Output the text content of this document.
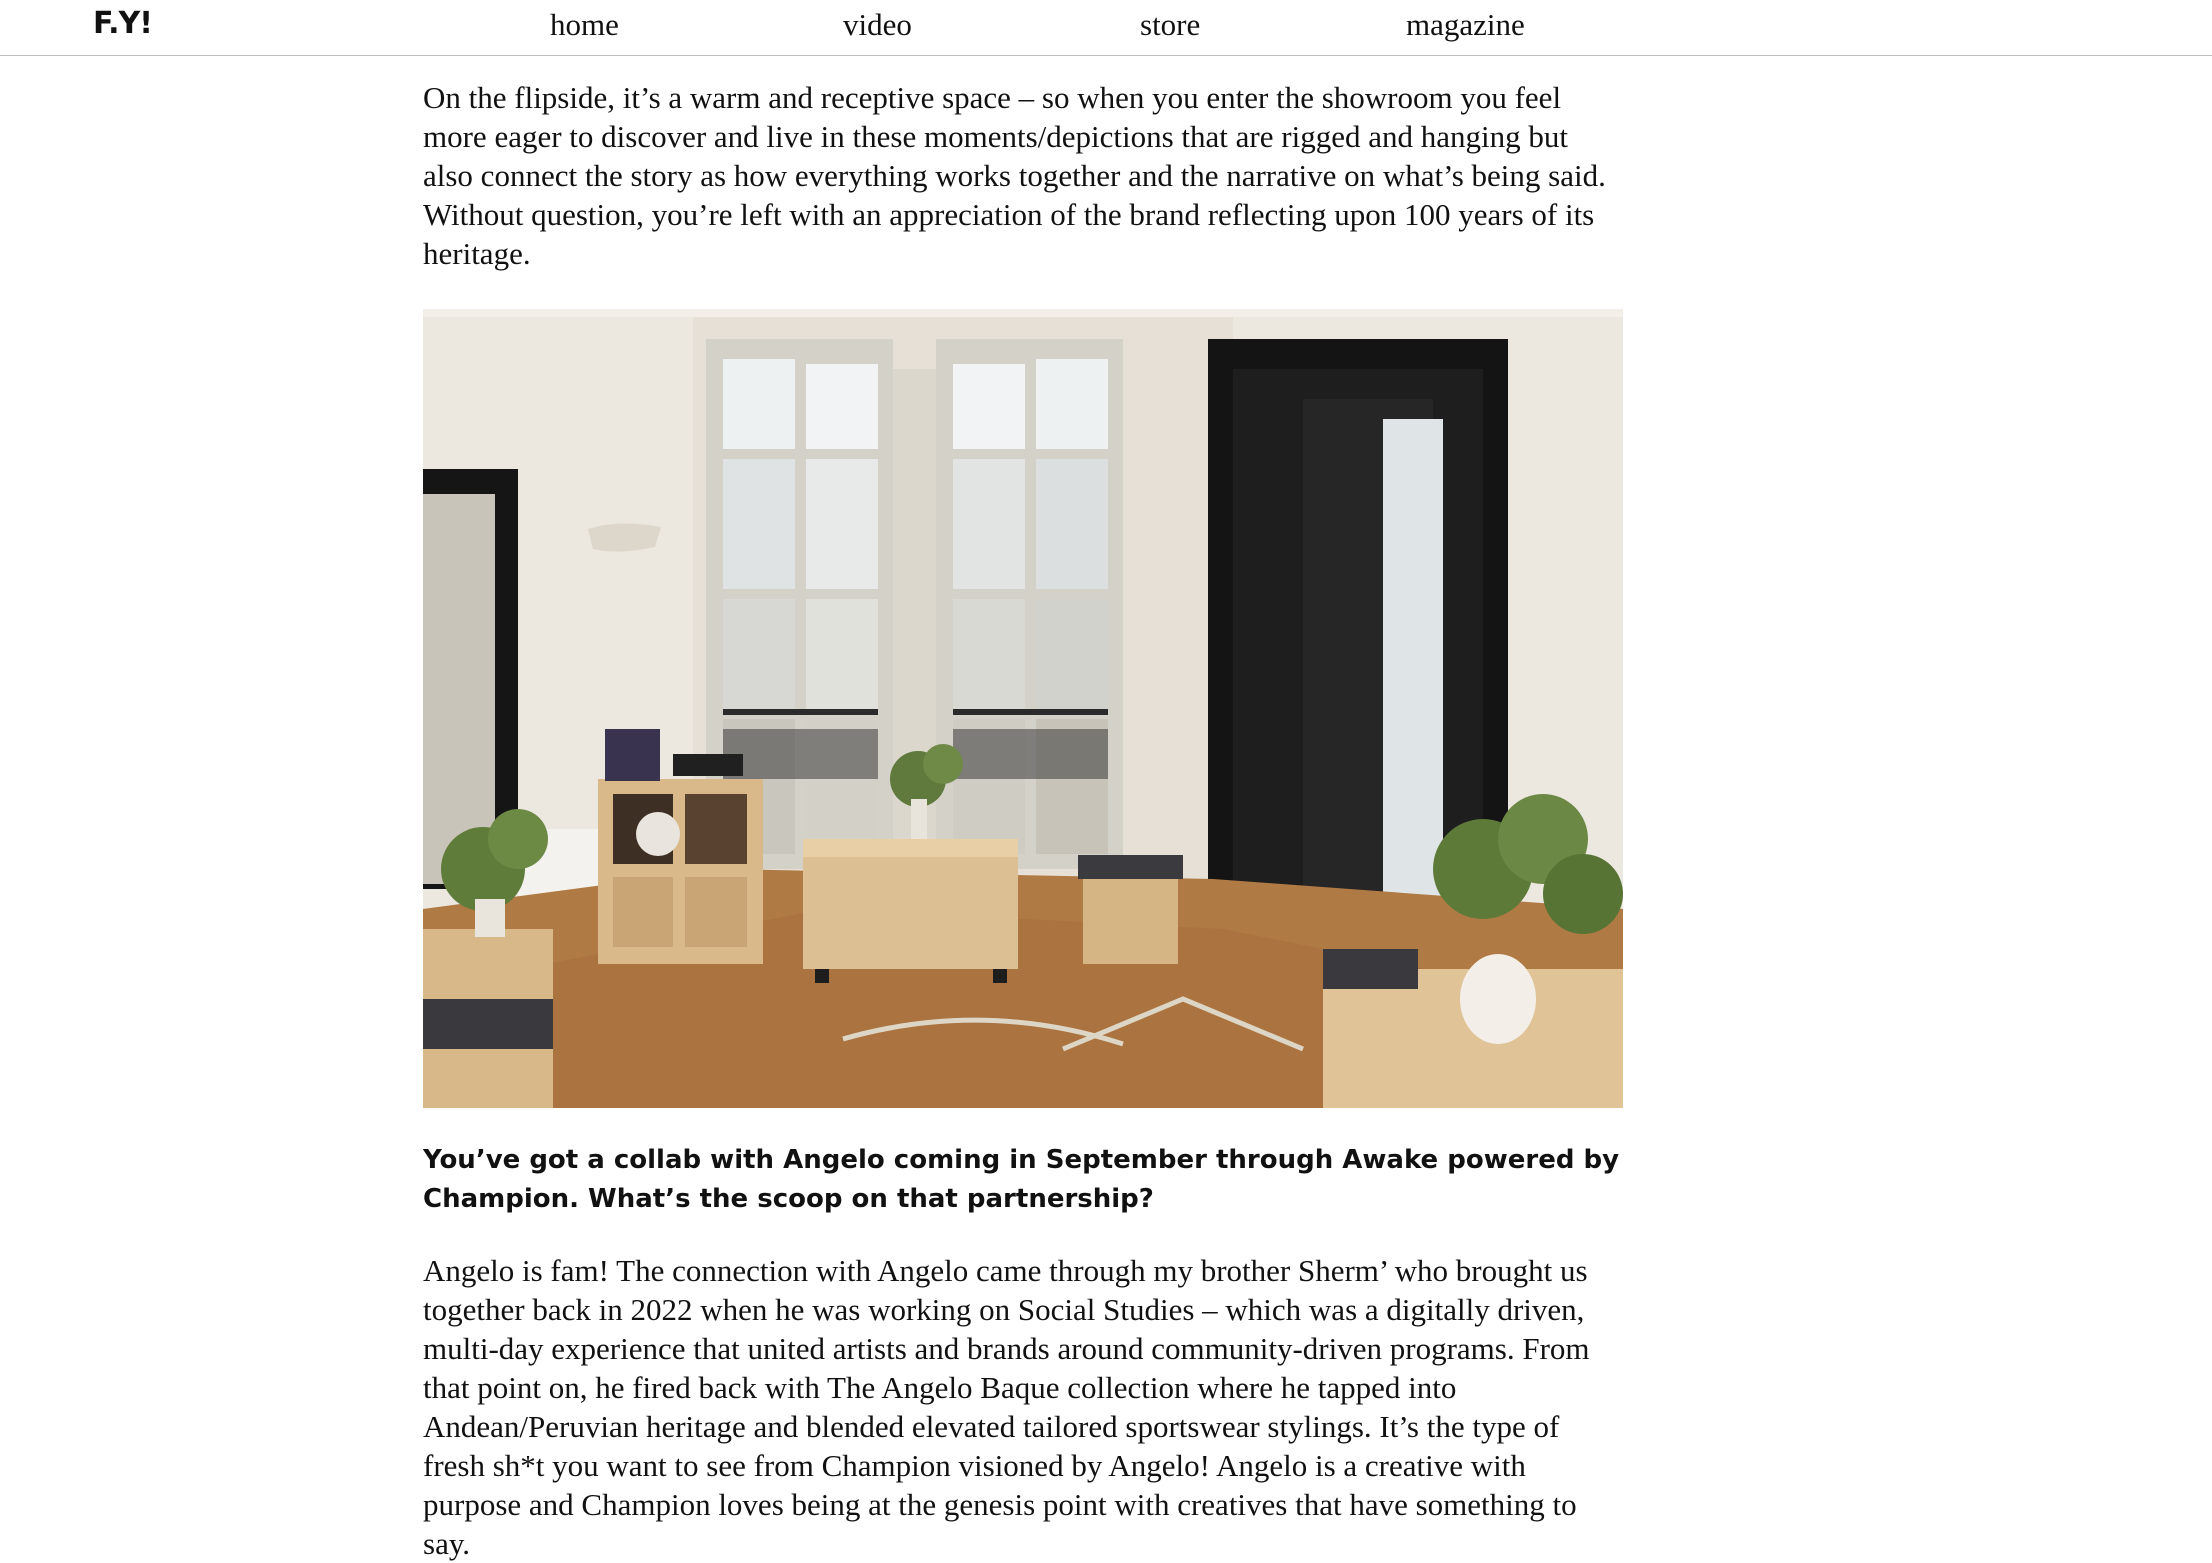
F.Y!	home	video	store	magazine

On the flipside, it’s a warm and receptive space – so when you enter the showroom you feel more eager to discover and live in these moments/depictions that are rigged and hanging but also connect the story as how everything works together and the narrative on what’s being said. Without question, you’re left with an appreciation of the brand reflecting upon 100 years of its heritage.

You’ve got a collab with Angelo coming in September through Awake powered by Champion. What’s the scoop on that partnership?

Angelo is fam! The connection with Angelo came through my brother Sherm’ who brought us together back in 2022 when he was working on Social Studies – which was a digitally driven, multi-day experience that united artists and brands around community-driven programs. From that point on, he fired back with The Angelo Baque collection where he tapped into Andean/Peruvian heritage and blended elevated tailored sportswear stylings. It’s the type of fresh sh*t you want to see from Champion visioned by Angelo! Angelo is a creative with purpose and Champion loves being at the genesis point with creatives that have something to say.
